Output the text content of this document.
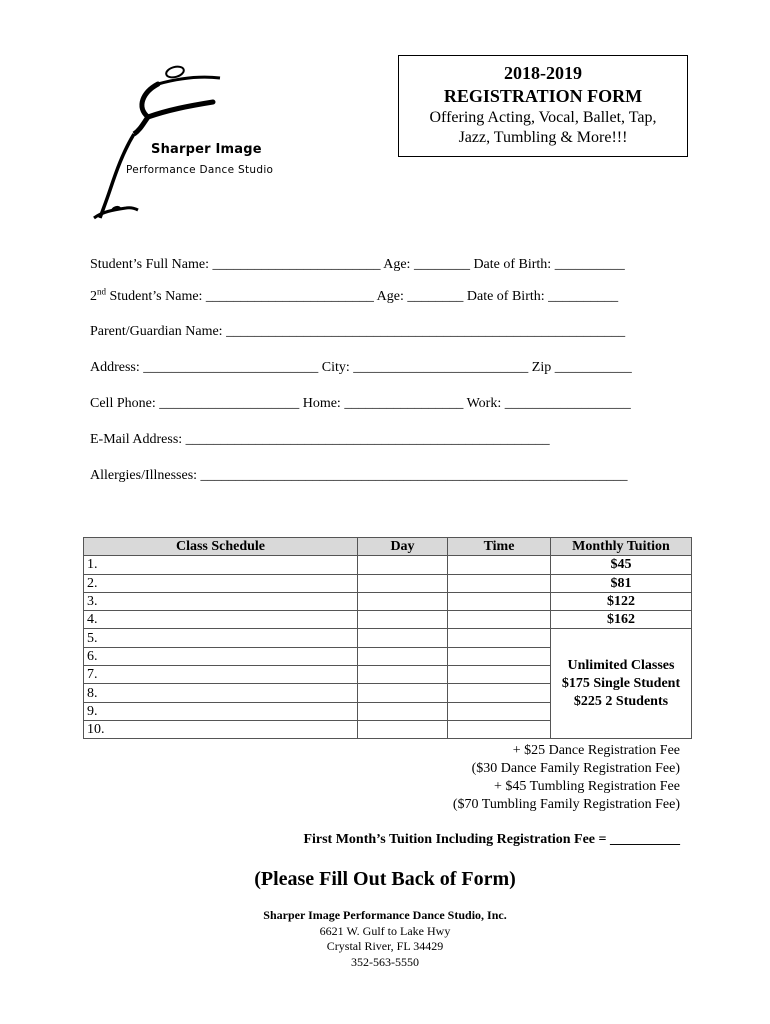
Sharper Image
Performance Dance Studio
2018-2019
REGISTRATION FORM
Offering Acting, Vocal, Ballet, Tap,
Jazz, Tumbling & More!!!
Student’s Full Name: ________________________ Age: ________ Date of Birth: __________
2nd Student’s Name: ________________________ Age: ________ Date of Birth: __________
Parent/Guardian Name: _________________________________________________________
Address: _________________________ City: _________________________ Zip ___________
Cell Phone: ____________________ Home: _________________ Work: __________________
E-Mail Address: ____________________________________________________
Allergies/Illnesses: _____________________________________________________________
Class Schedule	Day	Time	Monthly Tuition
1.			$45
2.			$81
3.			$122
4.			$162
5.			Unlimited Classes
$175 Single Student
$225 2 Students

6.			
7.			
8.			
9.			
10.			
+ $25 Dance Registration Fee
($30 Dance Family Registration Fee)
+ $45 Tumbling Registration Fee
($70 Tumbling Family Registration Fee)
First Month’s Tuition Including Registration Fee = __________
(Please Fill Out Back of Form)
Sharper Image Performance Dance Studio, Inc.
6621 W. Gulf to Lake Hwy
Crystal River, FL 34429
352-563-5550
